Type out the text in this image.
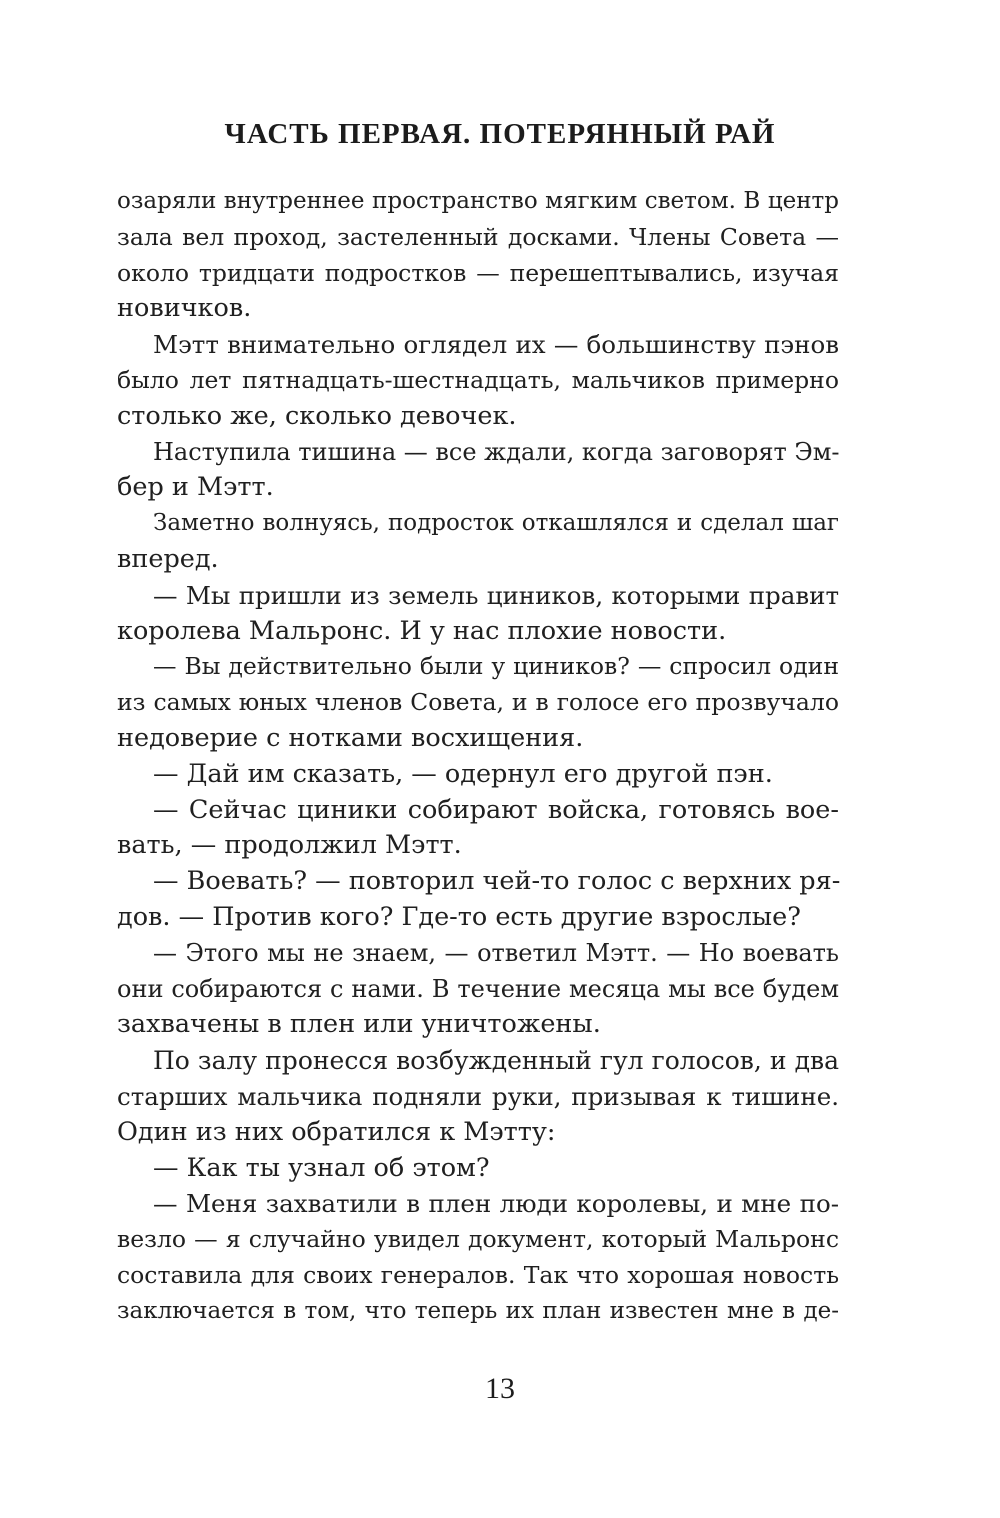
ЧАСТЬ ПЕРВАЯ. ПОТЕРЯННЫЙ РАЙ
озаряли внутреннее пространство мягким светом. В центр
зала вел проход, застеленный досками. Члены Совета —
около тридцати подростков — перешептывались, изучая
новичков.
Мэтт внимательно оглядел их — большинству пэнов
было лет пятнадцать-шестнадцать, мальчиков примерно
столько же, сколько девочек.
Наступила тишина — все ждали, когда заговорят Эм-
бер и Мэтт.
Заметно волнуясь, подросток откашлялся и сделал шаг
вперед.
— Мы пришли из земель циников, которыми правит
королева Мальронс. И у нас плохие новости.
— Вы действительно были у циников? — спросил один
из самых юных членов Совета, и в голосе его прозвучало
недоверие с нотками восхищения.
— Дай им сказать, — одернул его другой пэн.
— Сейчас циники собирают войска, готовясь вое-
вать, — продолжил Мэтт.
— Воевать? — повторил чей-то голос с верхних ря-
дов. — Против кого? Где-то есть другие взрослые?
— Этого мы не знаем, — ответил Мэтт. — Но воевать
они собираются с нами. В течение месяца мы все будем
захвачены в плен или уничтожены.
По залу пронесся возбужденный гул голосов, и два
старших мальчика подняли руки, призывая к тишине.
Один из них обратился к Мэтту:
— Как ты узнал об этом?
— Меня захватили в плен люди королевы, и мне по-
везло — я случайно увидел документ, который Мальронс
составила для своих генералов. Так что хорошая новость
заключается в том, что теперь их план известен мне в де-
13
